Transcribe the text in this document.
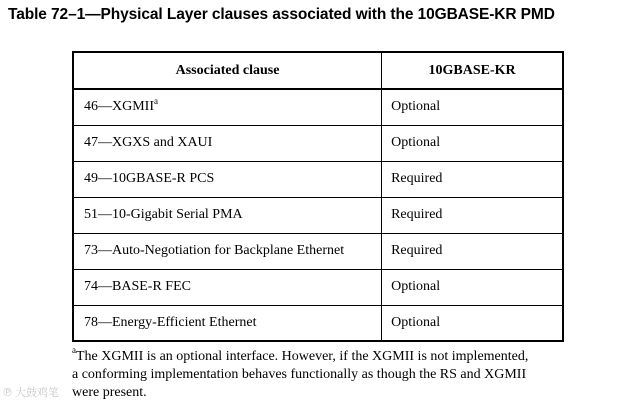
Table 72–1—Physical Layer clauses associated with the 10GBASE-KR PMD
Associated clause	10GBASE-KR
46—XGMII$^a$	Optional
47—XGXS and XAUI	Optional
49—10GBASE-R PCS	Required
51—10-Gigabit Serial PMA	Required
73—Auto-Negotiation for Backplane Ethernet	Required
74—BASE-R FEC	Optional
78—Energy-Efficient Ethernet	Optional
$^a$The XGMII is an optional interface. However, if the XGMII is not implemented,
a conforming implementation behaves functionally as though the RS and XGMII
were present.
℗ 大鼓鸡笔
